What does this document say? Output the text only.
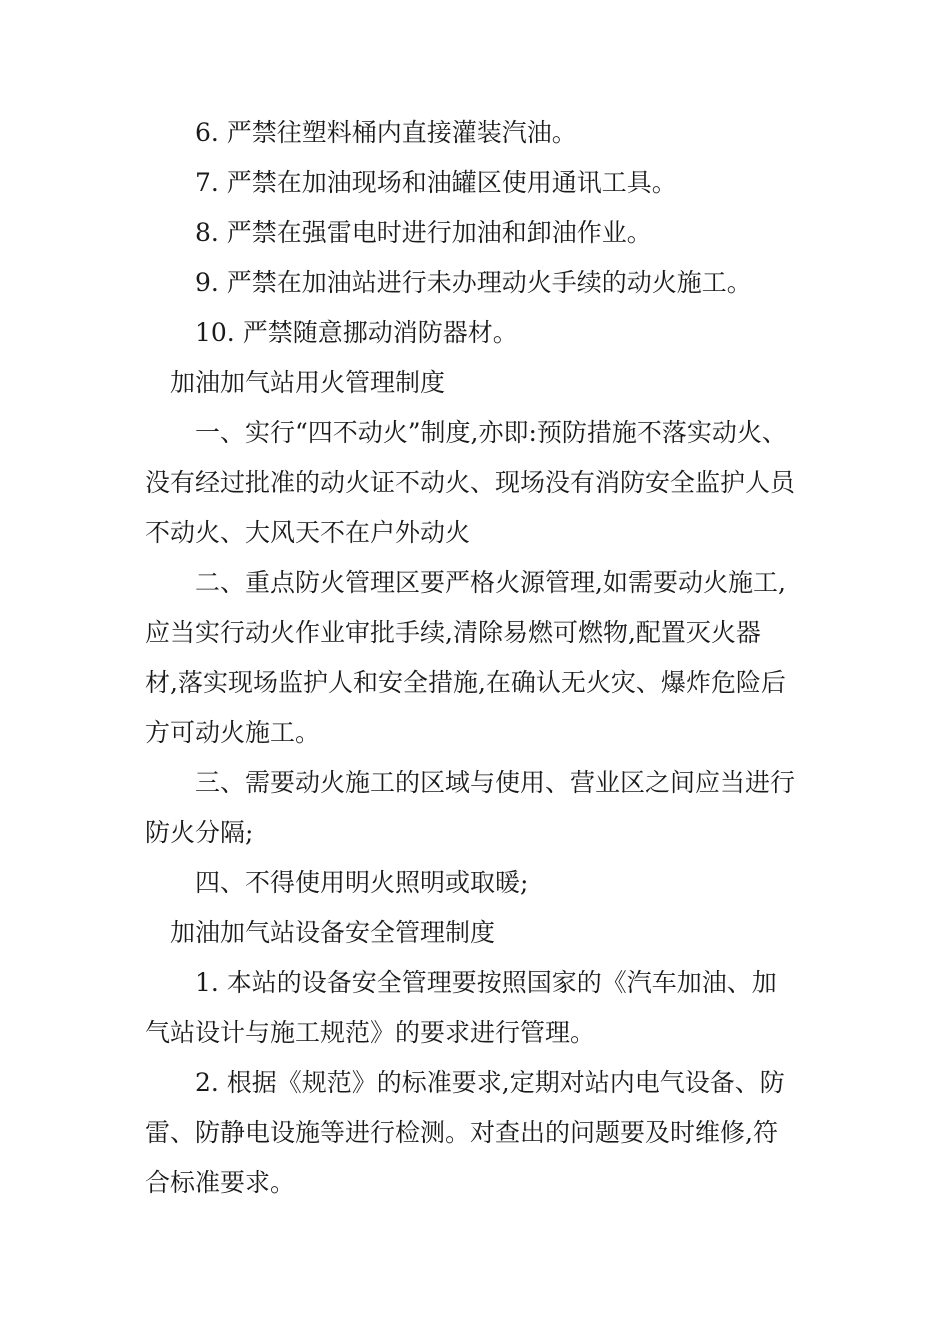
6. 严禁往塑料桶内直接灌装汽油。
7. 严禁在加油现场和油罐区使用通讯工具。
8. 严禁在强雷电时进行加油和卸油作业。
9. 严禁在加油站进行未办理动火手续的动火施工。
10. 严禁随意挪动消防器材。
加油加气站用火管理制度
一、实行“四不动火”制度,亦即:预防措施不落实动火、
没有经过批准的动火证不动火、现场没有消防安全监护人员
不动火、大风天不在户外动火
二、重点防火管理区要严格火源管理,如需要动火施工,
应当实行动火作业审批手续,清除易燃可燃物,配置灭火器
材,落实现场监护人和安全措施,在确认无火灾、爆炸危险后
方可动火施工。
三、需要动火施工的区域与使用、营业区之间应当进行
防火分隔;
四、不得使用明火照明或取暖;
加油加气站设备安全管理制度
1. 本站的设备安全管理要按照国家的《汽车加油、加
气站设计与施工规范》的要求进行管理。
2. 根据《规范》的标准要求,定期对站内电气设备、防
雷、防静电设施等进行检测。对查出的问题要及时维修,符
合标准要求。
